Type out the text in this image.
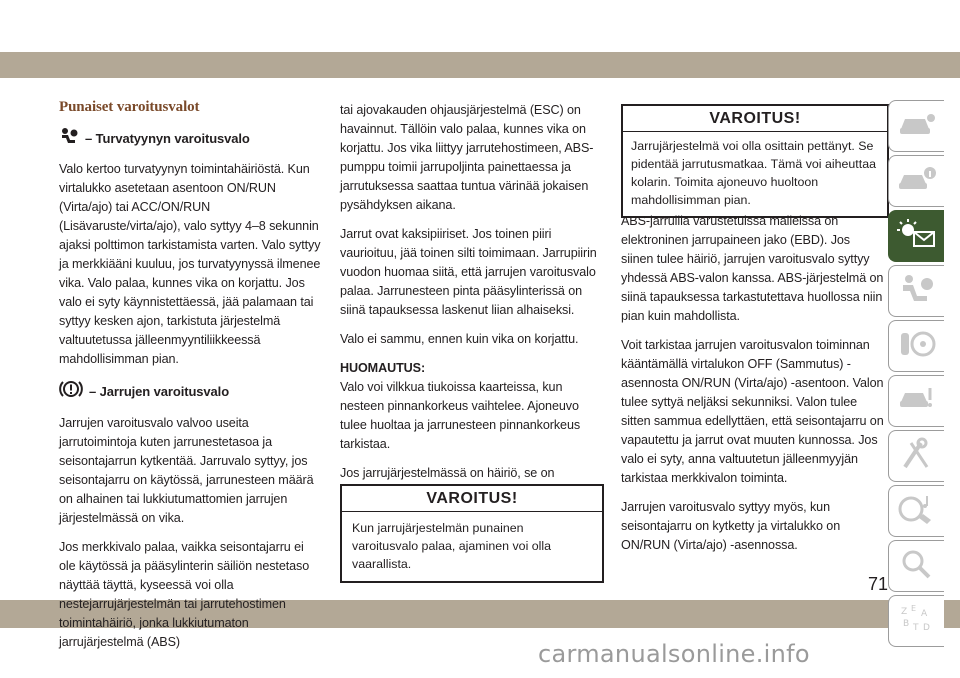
Punaiset varoitusvalot
– Turvatyynyn varoitusvalo

Valo kertoo turvatyynyn toimintahäiriöstä. Kun virtalukko asetetaan asentoon ON/RUN (Virta/ajo) tai ACC/ON/RUN (Lisävaruste/virta/ajo), valo syttyy 4–8 sekunnin ajaksi polttimon tarkistamista varten. Valo syttyy ja merkkiääni kuuluu, jos turvatyynyssä ilmenee vika. Valo palaa, kunnes vika on korjattu. Jos valo ei syty käynnistettäessä, jää palamaan tai syttyy kesken ajon, tarkistuta järjestelmä valtuutetussa jälleenmyyntiliikkeessä mahdollisimman pian.

– Jarrujen varoitusvalo

Jarrujen varoitusvalo valvoo useita jarrutoimintoja kuten jarrunestetasoa ja seisontajarrun kytkentää. Jarruvalo syttyy, jos seisontajarru on käytössä, jarrunesteen määrä on alhainen tai lukkiutumattomien jarrujen järjestelmässä on vika.

Jos merkkivalo palaa, vaikka seisontajarru ei ole käytössä ja pääsylinterin säiliön nestetaso näyttää täyttä, kyseessä voi olla nestejarrujärjestelmän tai jarrutehostimen toimintahäiriö, jonka lukkiutumaton jarrujärjestelmä (ABS)

tai ajovakauden ohjausjärjestelmä (ESC) on havainnut. Tällöin valo palaa, kunnes vika on korjattu. Jos vika liittyy jarrutehostimeen, ABS-pumppu toimii jarrupoljinta painettaessa ja jarrutuksessa saattaa tuntua värinää jokaisen pysähdyksen aikana.

Jarrut ovat kaksipiiriset. Jos toinen piiri vaurioituu, jää toinen silti toimimaan. Jarrupiirin vuodon huomaa siitä, että jarrujen varoitusvalo palaa. Jarrunesteen pinta pääsylinterissä on siinä tapauksessa laskenut liian alhaiseksi.

Valo ei sammu, ennen kuin vika on korjattu.

HUOMAUTUS:
Valo voi vilkkua tiukoissa kaarteissa, kun nesteen pinnankorkeus vaihtelee. Ajoneuvo tulee huoltaa ja jarrunesteen pinnankorkeus tarkistaa.

Jos jarrujärjestelmässä on häiriö, se on

VAROITUS!
Kun jarrujärjestelmän punainen varoitusvalo palaa, ajaminen voi olla vaarallista.
VAROITUS!
Jarrujärjestelmä voi olla osittain pettänyt. Se pidentää jarrutusmatkaa. Tämä voi aiheuttaa kolarin. Toimita ajoneuvo huoltoon mahdollisimman pian.

ABS-jarruilla varustetuissa malleissa on elektroninen jarrupaineen jako (EBD). Jos siinen tulee häiriö, jarrujen varoitusvalo syttyy yhdessä ABS-valon kanssa. ABS-järjestelmä on siinä tapauksessa tarkastutettava huollossa niin pian kuin mahdollista.

Voit tarkistaa jarrujen varoitusvalon toiminnan kääntämällä virtalukon OFF (Sammutus) -asennosta ON/RUN (Virta/ajo) -asentoon. Valon tulee syttyä neljäksi sekunniksi. Valon tulee sitten sammua edellyttäen, että seisontajarru on vapautettu ja jarrut ovat muuten kunnossa. Jos valo ei syty, anna valtuutetun jälleenmyyjän tarkistaa merkkivalon toiminta.

Jarrujen varoitusvalo syttyy myös, kun seisontajarru on kytketty ja virtalukko on ON/RUN (Virta/ajo) -asennossa.

Z E
A
B T D
71
carmanualsonline.info
